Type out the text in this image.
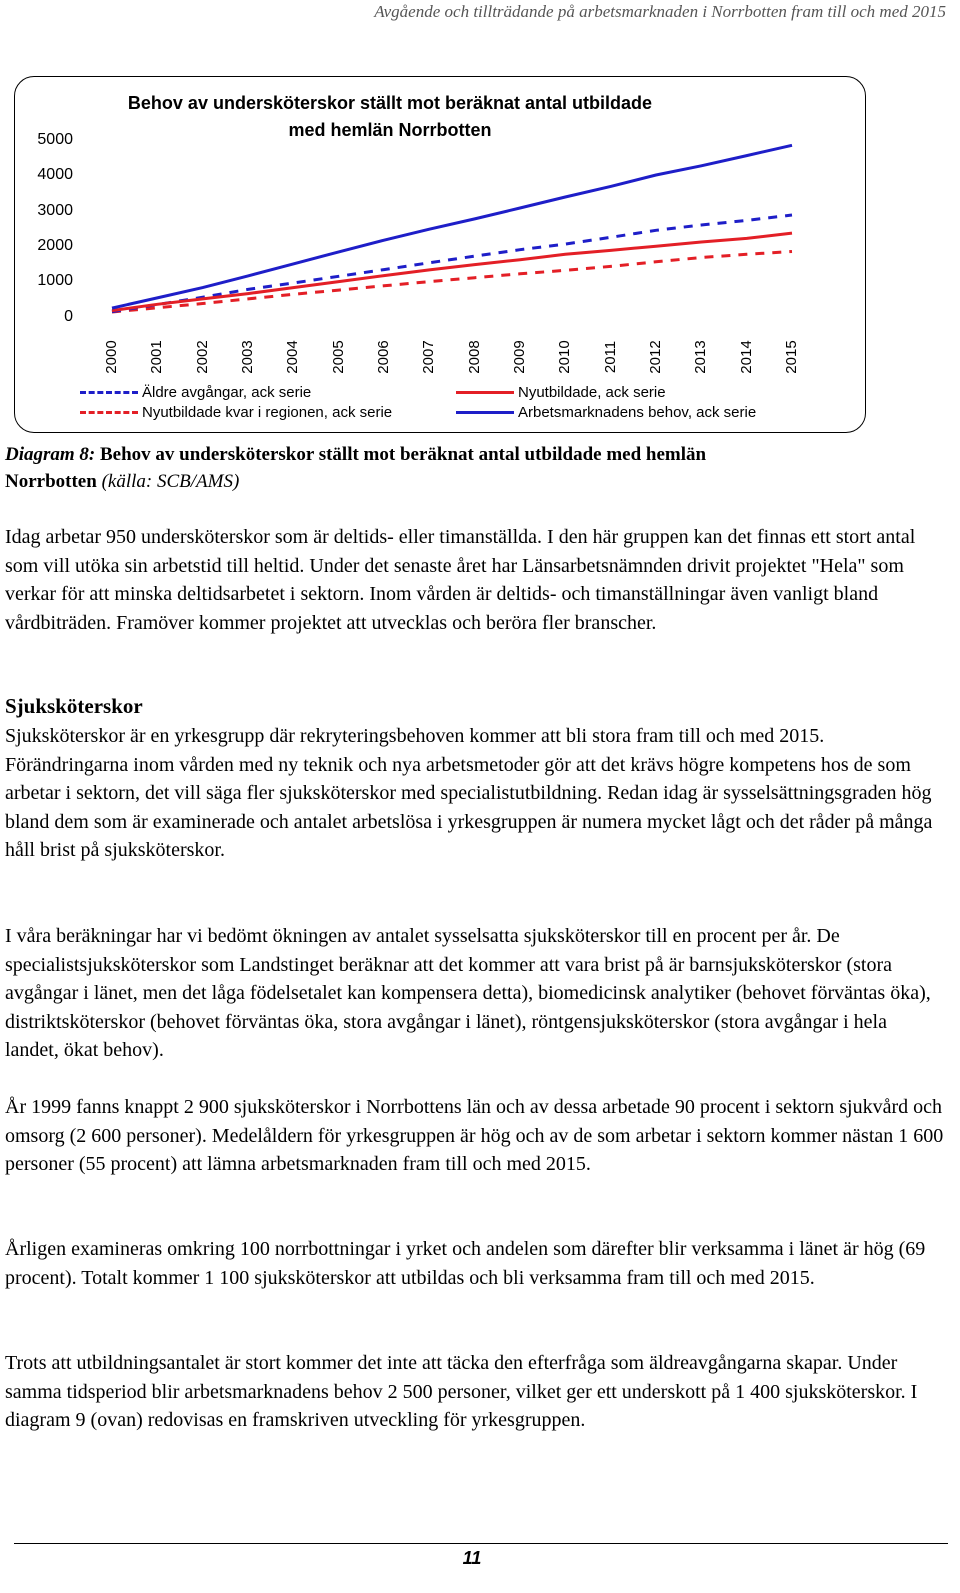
Avgående och tillträdande på arbetsmarknaden i Norrbotten fram till och med 2015
Behov av undersköterskor ställt mot beräknat antal utbildade
med hemlän Norrbotten
5000
4000
3000
2000
1000
0
2000 2001 2002 2003 2004 2005 2006 2007 2008 2009 2010 2011 2012 2013 2014 2015
Äldre avgångar, ack serie
Nyutbildade kvar i regionen, ack serie
Nyutbildade, ack serie
Arbetsmarknadens behov, ack serie
Diagram 8: Behov av undersköterskor ställt mot beräknat antal utbildade med hemlän
Norrbotten (källa: SCB/AMS)

Idag arbetar 950 undersköterskor som är deltids- eller timanställda. I den här gruppen kan det finnas ett stort antal som vill utöka sin arbetstid till heltid. Under det senaste året har Länsarbetsnämnden drivit projektet "Hela" som verkar för att minska deltidsarbetet i sektorn. Inom vården är deltids- och timanställningar även vanligt bland vårdbiträden. Framöver kommer projektet att utvecklas och beröra fler branscher.

Sjuksköterskor

Sjuksköterskor är en yrkesgrupp där rekryteringsbehoven kommer att bli stora fram till och med 2015. Förändringarna inom vården med ny teknik och nya arbetsmetoder gör att det krävs högre kompetens hos de som arbetar i sektorn, det vill säga fler sjuksköterskor med specialistutbildning. Redan idag är sysselsättningsgraden hög bland dem som är examinerade och antalet arbetslösa i yrkesgruppen är numera mycket lågt och det råder på många håll brist på sjuksköterskor.

I våra beräkningar har vi bedömt ökningen av antalet sysselsatta sjuksköterskor till en procent per år. De specialistsjuksköterskor som Landstinget beräknar att det kommer att vara brist på är barnsjuksköterskor (stora avgångar i länet, men det låga födelsetalet kan kompensera detta), biomedicinsk analytiker (behovet förväntas öka), distriktsköterskor (behovet förväntas öka, stora avgångar i länet), röntgensjuksköterskor (stora avgångar i hela landet, ökat behov).

År 1999 fanns knappt 2 900 sjuksköterskor i Norrbottens län och av dessa arbetade 90 procent i sektorn sjukvård och omsorg (2 600 personer). Medelåldern för yrkesgruppen är hög och av de som arbetar i sektorn kommer nästan 1 600 personer (55 procent) att lämna arbetsmarknaden fram till och med 2015.

Årligen examineras omkring 100 norrbottningar i yrket och andelen som därefter blir verksamma i länet är hög (69 procent). Totalt kommer 1 100 sjuksköterskor att utbildas och bli verksamma fram till och med 2015.

Trots att utbildningsantalet är stort kommer det inte att täcka den efterfråga som äldreavgångarna skapar. Under samma tidsperiod blir arbetsmarknadens behov 2 500 personer, vilket ger ett underskott på 1 400 sjuksköterskor. I diagram 9 (ovan) redovisas en framskriven utveckling för yrkesgruppen.

11
